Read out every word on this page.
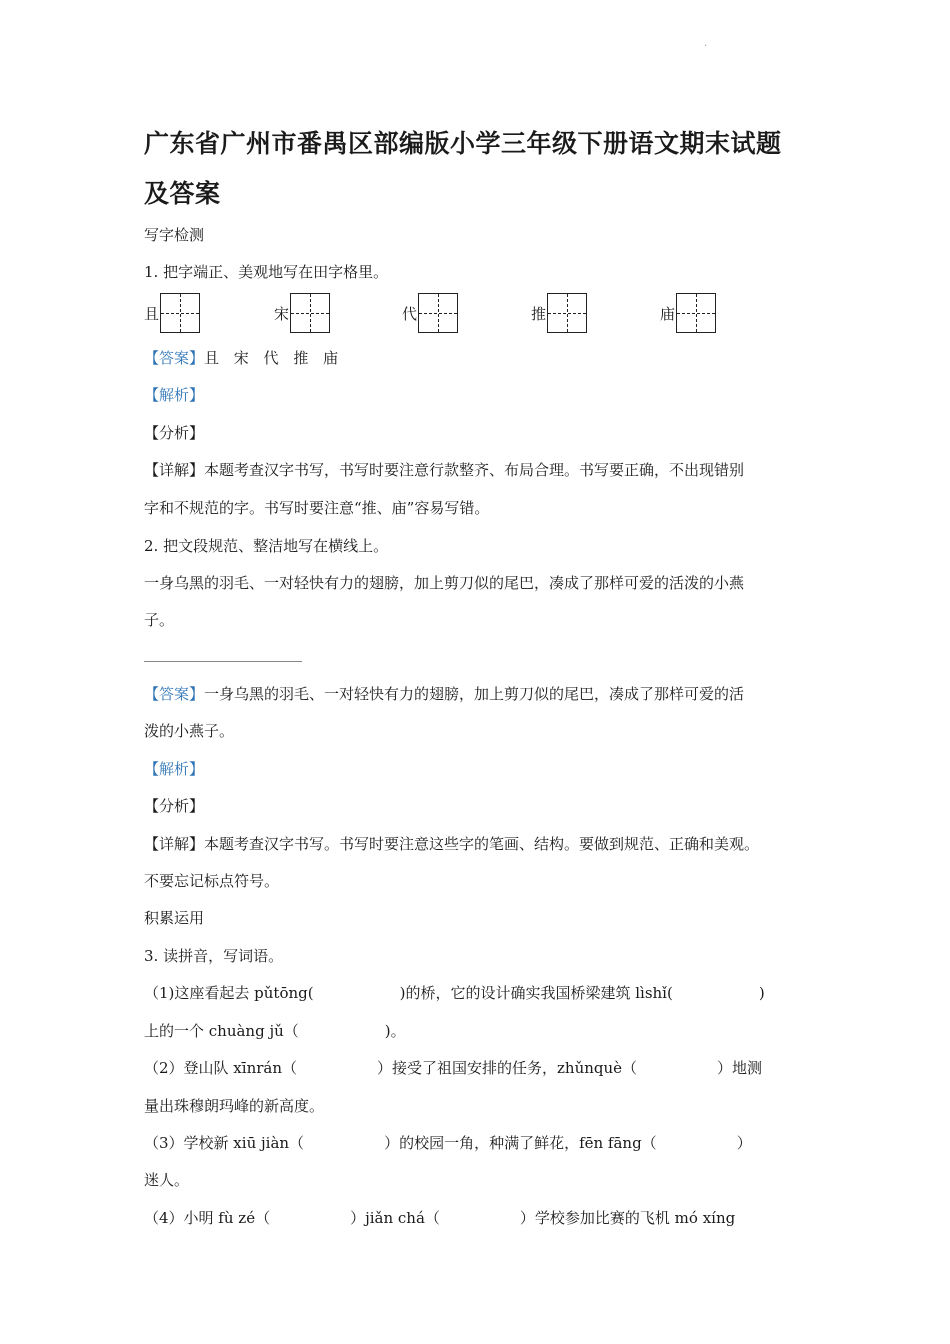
.
广东省广州市番禺区部编版小学三年级下册语文期末试题
及答案
写字检测
1. 把字端正、美观地写在田字格里。
且	宋	代	推	庙
【答案】且 宋 代 推 庙
【解析】
【分析】
【详解】本题考查汉字书写，书写时要注意行款整齐、布局合理。书写要正确，不出现错别
字和不规范的字。书写时要注意“推、庙”容易写错。
2. 把文段规范、整洁地写在横线上。
一身乌黑的羽毛、一对轻快有力的翅膀，加上剪刀似的尾巴，凑成了那样可爱的活泼的小燕
子。
【答案】一身乌黑的羽毛、一对轻快有力的翅膀，加上剪刀似的尾巴，凑成了那样可爱的活
泼的小燕子。
【解析】
【分析】
【详解】本题考查汉字书写。书写时要注意这些字的笔画、结构。要做到规范、正确和美观。
不要忘记标点符号。
积累运用
3. 读拼音，写词语。
（1)这座看起去 pǔtōng(	)的桥，它的设计确实我国桥梁建筑 lìshǐ(	)
上的一个 chuàng jǔ（	)。
（2）登山队 xīnrán（	）接受了祖国安排的任务，zhǔnquè（	）地测
量出珠穆朗玛峰的新高度。
（3）学校新 xiū jiàn（	）的校园一角，种满了鲜花，fēn fāng（	）
迷人。
（4）小明 fù zé（	）jiǎn chá（	）学校参加比赛的飞机 mó xíng
